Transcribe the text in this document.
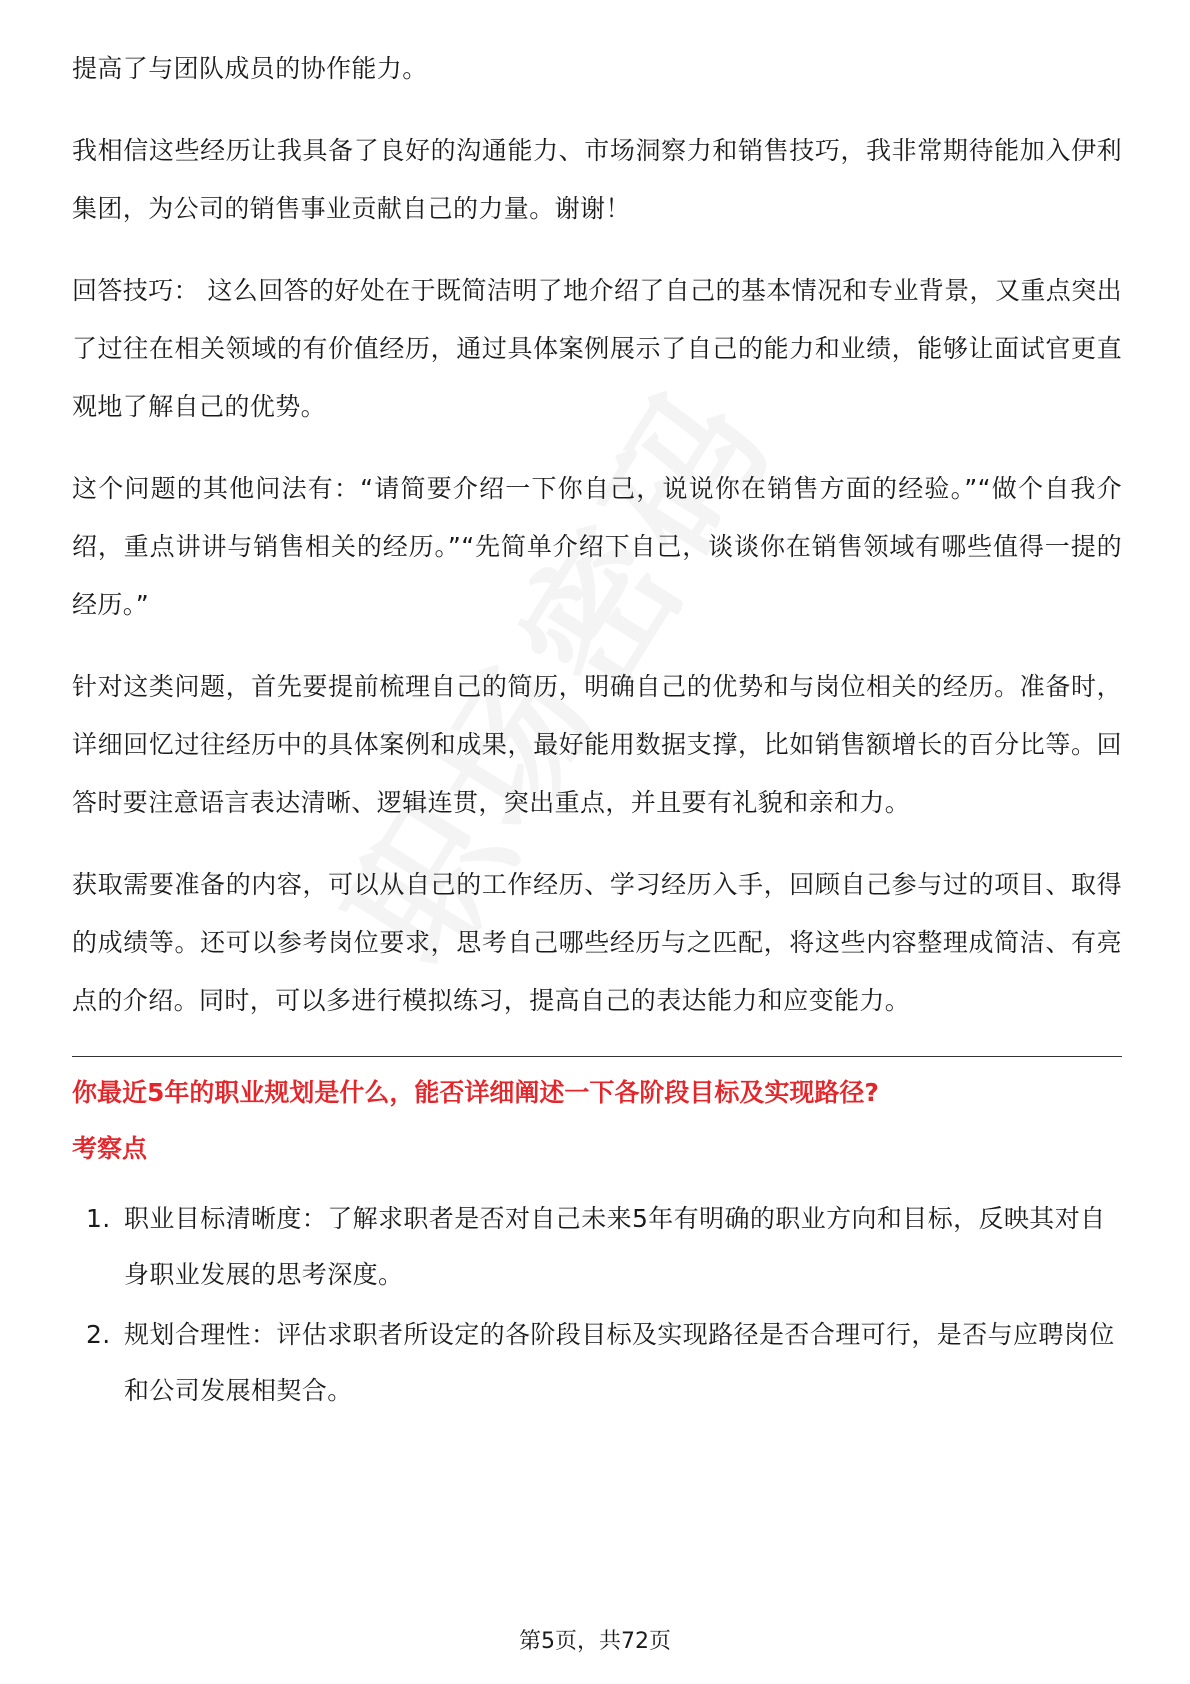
提高了与团队成员的协作能力。

我相信这些经历让我具备了良好的沟通能力、市场洞察力和销售技巧，我非常期待能加入伊利集团，为公司的销售事业贡献自己的力量。谢谢！

回答技巧： 这么回答的好处在于既简洁明了地介绍了自己的基本情况和专业背景，又重点突出了过往在相关领域的有价值经历，通过具体案例展示了自己的能力和业绩，能够让面试官更直观地了解自己的优势。

这个问题的其他问法有：“请简要介绍一下你自己，说说你在销售方面的经验。”“做个自我介绍，重点讲讲与销售相关的经历。”“先简单介绍下自己，谈谈你在销售领域有哪些值得一提的经历。”

针对这类问题，首先要提前梳理自己的简历，明确自己的优势和与岗位相关的经历。准备时，详细回忆过往经历中的具体案例和成果，最好能用数据支撑，比如销售额增长的百分比等。回答时要注意语言表达清晰、逻辑连贯，突出重点，并且要有礼貌和亲和力。

获取需要准备的内容，可以从自己的工作经历、学习经历入手，回顾自己参与过的项目、取得的成绩等。还可以参考岗位要求，思考自己哪些经历与之匹配，将这些内容整理成简洁、有亮点的介绍。同时，可以多进行模拟练习，提高自己的表达能力和应变能力。

你最近5年的职业规划是什么，能否详细阐述一下各阶段目标及实现路径?

考察点

1. 职业目标清晰度：了解求职者是否对自己未来5年有明确的职业方向和目标，反映其对自身职业发展的思考深度。
2. 规划合理性：评估求职者所设定的各阶段目标及实现路径是否合理可行，是否与应聘岗位和公司发展相契合。
第5页，共72页
